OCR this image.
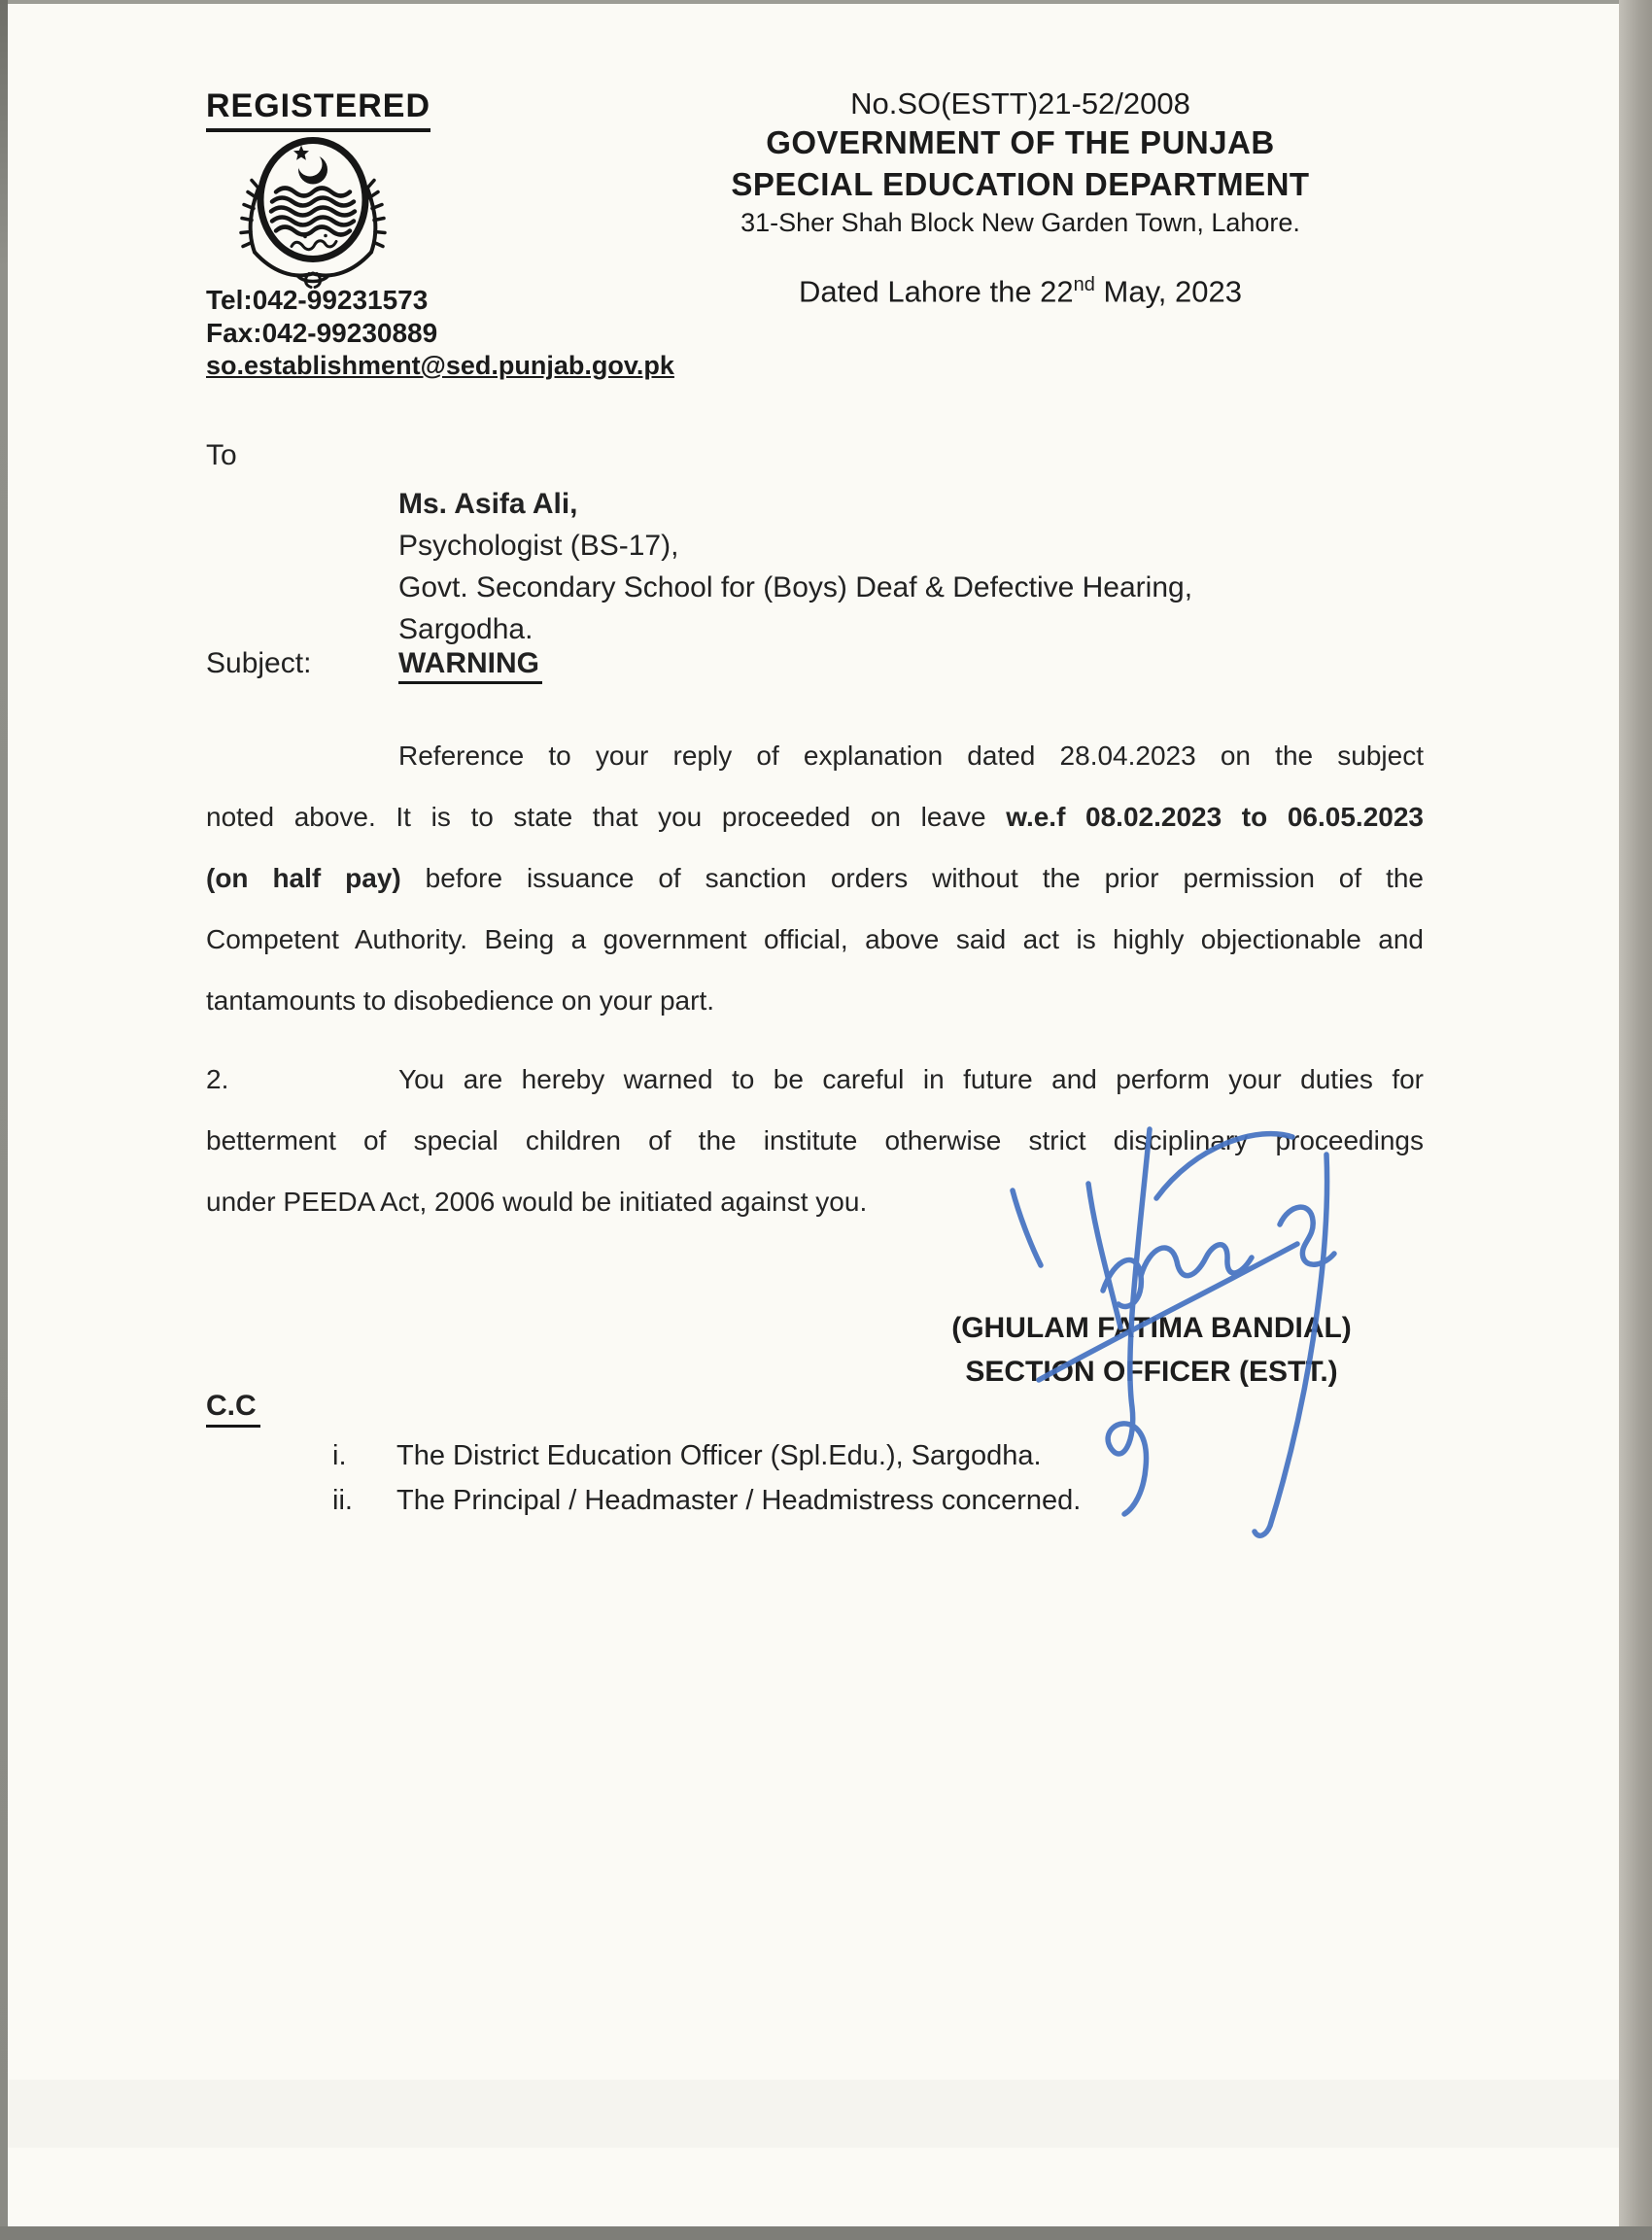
REGISTERED
Tel:042-99231573
Fax:042-99230889
so.establishment@sed.punjab.gov.pk
No.SO(ESTT)21-52/2008
GOVERNMENT OF THE PUNJAB
SPECIAL EDUCATION DEPARTMENT
31-Sher Shah Block New Garden Town, Lahore.
Dated Lahore the 22nd May, 2023
To
Ms. Asifa Ali,
Psychologist (BS-17),
Govt. Secondary School for (Boys) Deaf & Defective Hearing,
Sargodha.
Subject:	WARNING
Reference to your reply of explanation dated 28.04.2023 on the subject
noted above. It is to state that you proceeded on leave w.e.f 08.02.2023 to 06.05.2023
(on half pay) before issuance of sanction orders without the prior permission of the
Competent Authority. Being a government official, above said act is highly objectionable and
tantamounts to disobedience on your part.
2.	You are hereby warned to be careful in future and perform your duties for
betterment of special children of the institute otherwise strict disciplinary proceedings
under PEEDA Act, 2006 would be initiated against you.
(GHULAM FATIMA BANDIAL)
SECTION OFFICER (ESTT.)
C.C
i. The District Education Officer (Spl.Edu.), Sargodha.
ii. The Principal / Headmaster / Headmistress concerned.
